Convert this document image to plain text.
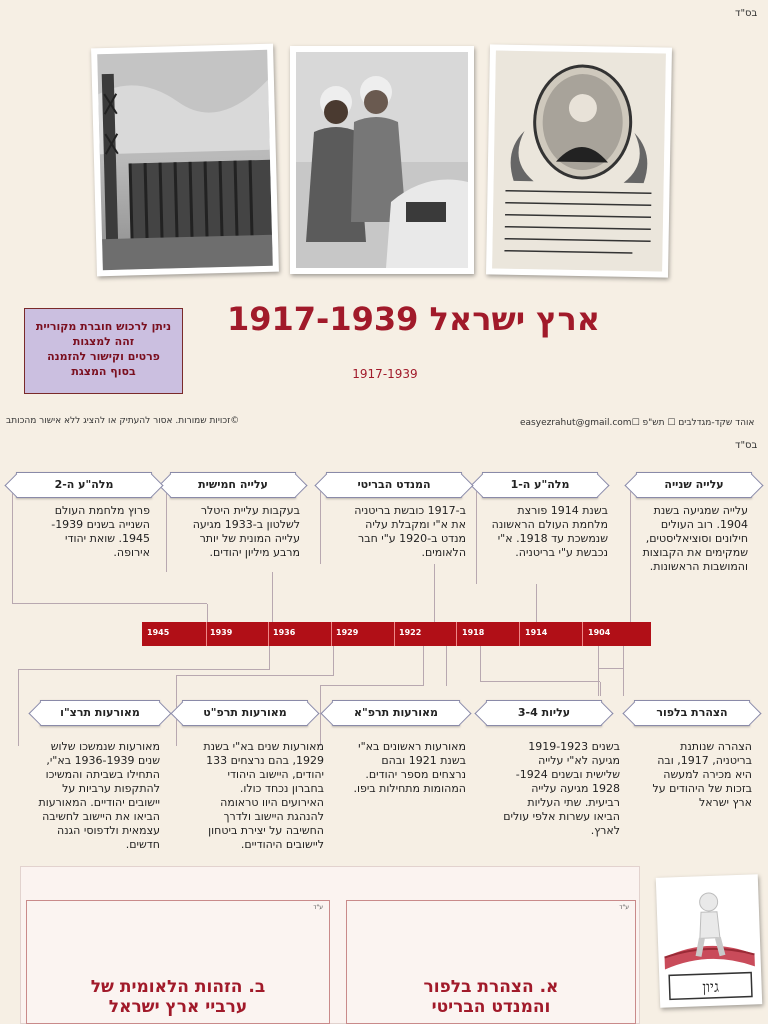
בס"ד
ניתן לרכוש חוברת מקוריית
זהה למצגות
פרטים וקישור להזמנה
בסוף המצגת
ארץ ישראל 1917-1939
1917-1939
©זכויות שמורות. אסור להעתיק או להציג ללא אישור מהכותב	אוהד שקד-מגדלבים ☐ תש"פ ☐easyezrahut@gmail.com
בס"ד
1945	1939	1936	1929	1922	1918	1914	1904
עלייה שנייה
מלה"ע ה-1
המנדט הבריטי
עלייה חמישית
מלה"ע ה-2
עלייה שמגיעה בשנת
1904. רוב העולים
חילונים וסוציאליסטים,
שמקימים את הקבוצות
והמושבות הראשונות.
בשנת 1914 פורצת
מלחמת העולם הראשונה
שנמשכת עד 1918. א"י
נכבשת ע"י בריטניה.
ב-1917 כובשת בריטניה
את א"י ומקבלת עליה
מנדט ב-1920 ע"י חבר
הלאומים.
בעקבות עליית היטלר
לשלטון ב-1933 מגיעה
עלייה המונית של יותר
מרבע מיליון יהודים.
פרוץ מלחמת העולם
השנייה בשנים 1939-
1945. שואת יהודי
אירופה.
הצהרת בלפור
עליות 3-4
מאורעות תרפ"א
מאורעות תרפ"ט
מאורעות תרצ"ו
הצהרה שנותנת
בריטניה, 1917, ובה
היא מכירה למעשה
בזכות של היהודים על
ארץ ישראל
בשנים 1919-1923
מגיעה לא"י עלייה
שלישית ובשנים 1924-
1928 מגיעה עלייה
רביעית. שתי העליות
הביאו עשרות אלפי עולים
לארץ.
מאורעות ראשונים בא"י
בשנת 1921 ובהם
נרצחים מספר יהודים.
המהומות מתחילות ביפו.
מאורעות שנים בא"י בשנת
1929, בהם נרצחים 133
יהודים, היישוב היהודי
בחברון נכחד כולו.
האירועים היוו טראומה
להנהגת היישוב ולדרך
החשיבה על יצירת ביטחון
ליישובים היהודיים.
מאורעות שנמשכו שלוש
שנים 1936-1939 בא"י,
התחילו בשביתה והמשיכו
להתקפות ערביות על
יישובים יהודיים. המאורעות
הביאו את היישוב לחשיבה
עצמאית ולדפוסי הגנה
חדשים.
ע"ד
א. הצהרת בלפור
והמנדט הבריטי
ע"ד
ב. הזהות הלאומית של
ערביי ארץ ישראל
גיון
